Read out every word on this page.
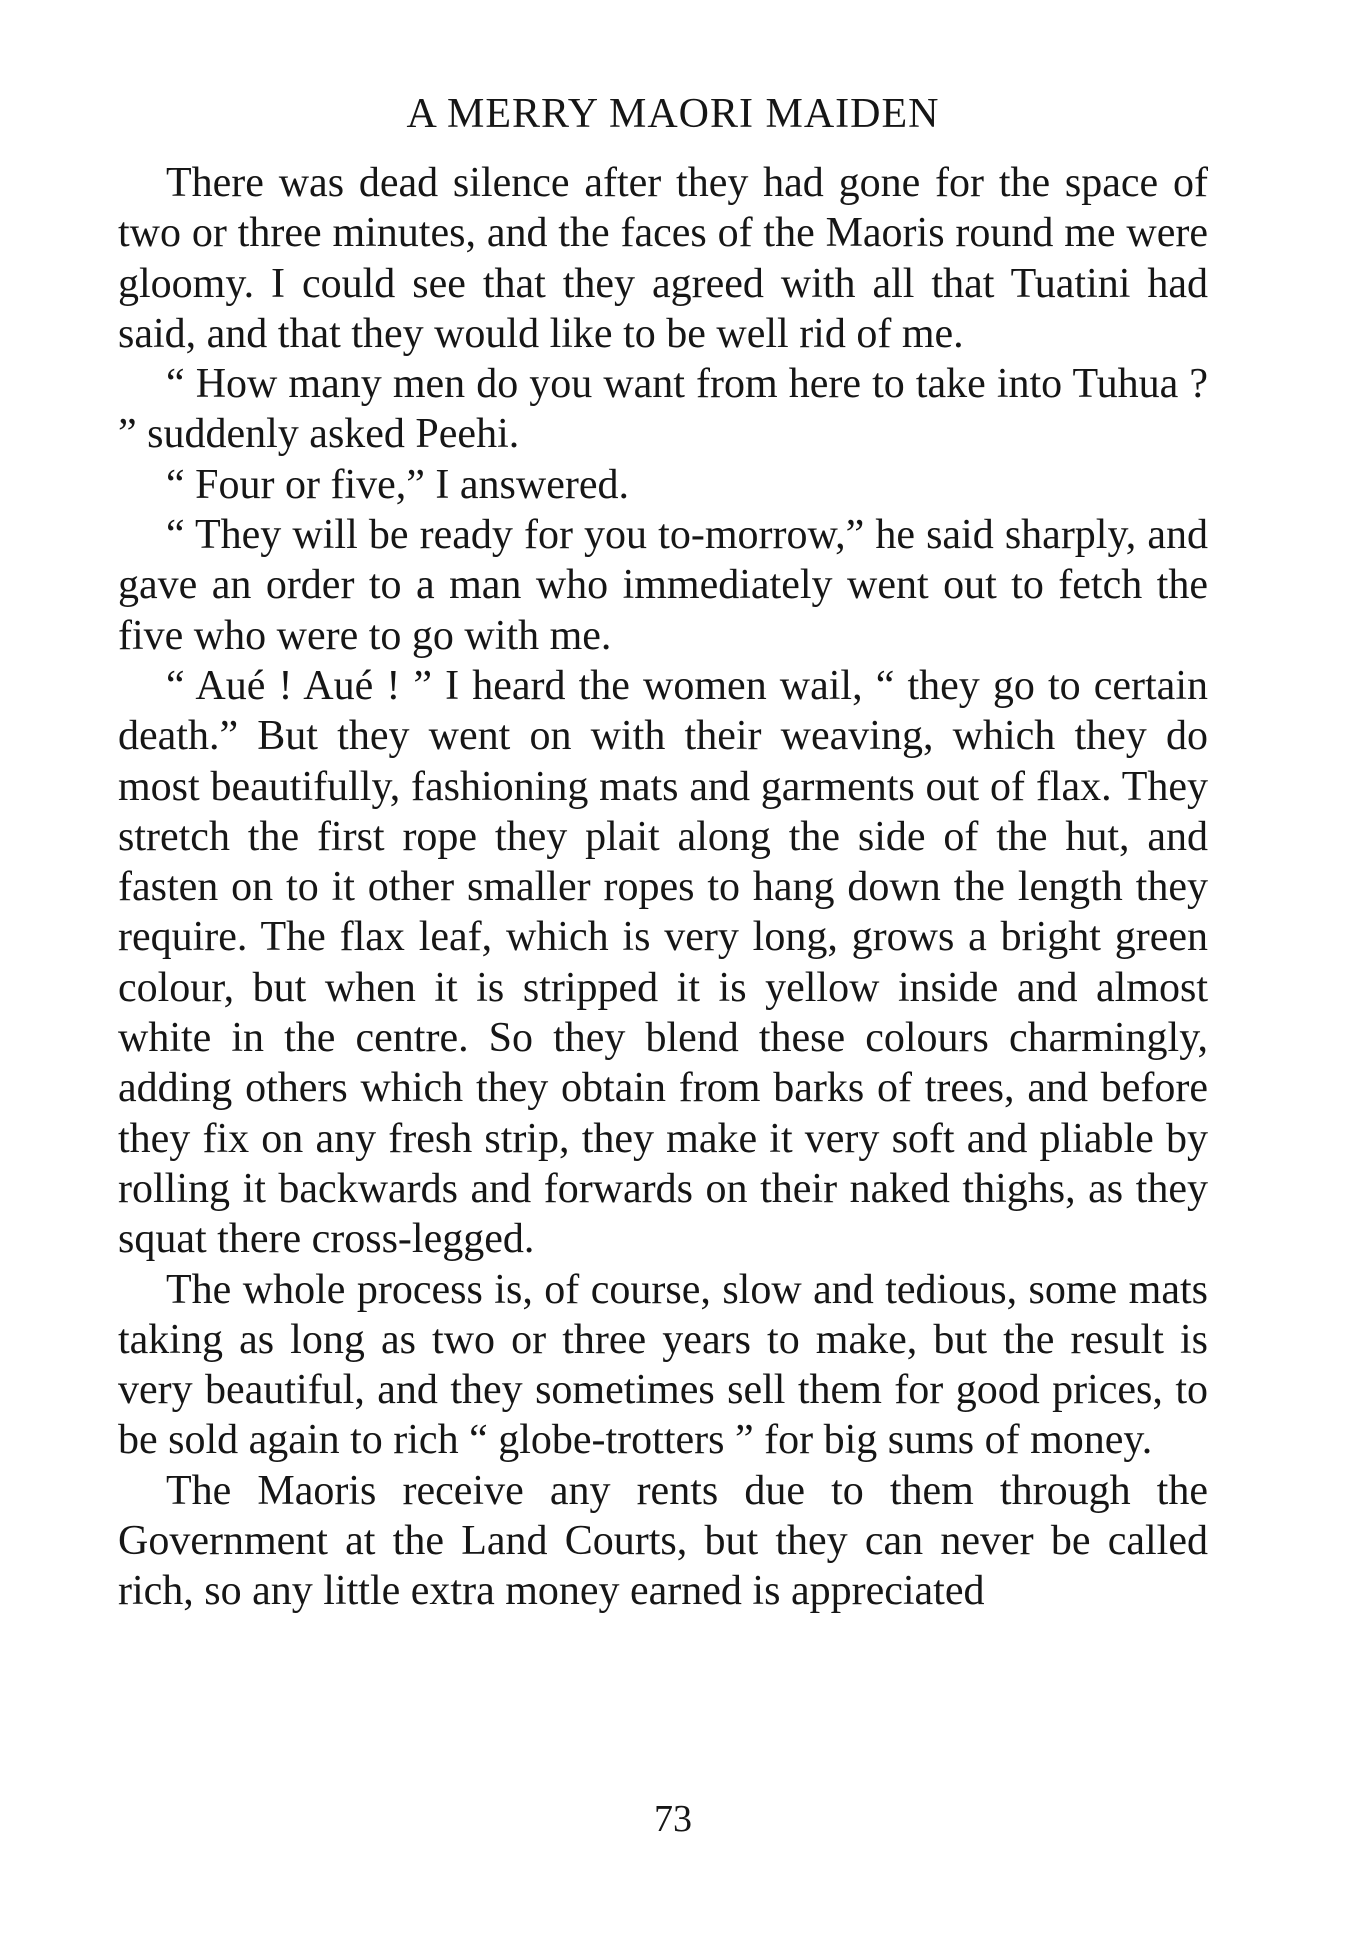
A MERRY MAORI MAIDEN

There was dead silence after they had gone for the space of two or three minutes, and the faces of the Maoris round me were gloomy. I could see that they agreed with all that Tuatini had said, and that they would like to be well rid of me.

“ How many men do you want from here to take into Tuhua ? ” suddenly asked Peehi.

“ Four or five,” I answered.

“ They will be ready for you to-morrow,” he said sharply, and gave an order to a man who immediately went out to fetch the five who were to go with me.

“ Aué ! Aué ! ” I heard the women wail, “ they go to certain death.” But they went on with their weaving, which they do most beautifully, fashioning mats and garments out of flax. They stretch the first rope they plait along the side of the hut, and fasten on to it other smaller ropes to hang down the length they require. The flax leaf, which is very long, grows a bright green colour, but when it is stripped it is yellow inside and almost white in the centre. So they blend these colours charmingly, adding others which they obtain from barks of trees, and before they fix on any fresh strip, they make it very soft and pliable by rolling it backwards and forwards on their naked thighs, as they squat there cross-legged.

The whole process is, of course, slow and tedious, some mats taking as long as two or three years to make, but the result is very beautiful, and they sometimes sell them for good prices, to be sold again to rich “ globe-trotters ” for big sums of money.

The Maoris receive any rents due to them through the Government at the Land Courts, but they can never be called rich, so any little extra money earned is appreciated

73
